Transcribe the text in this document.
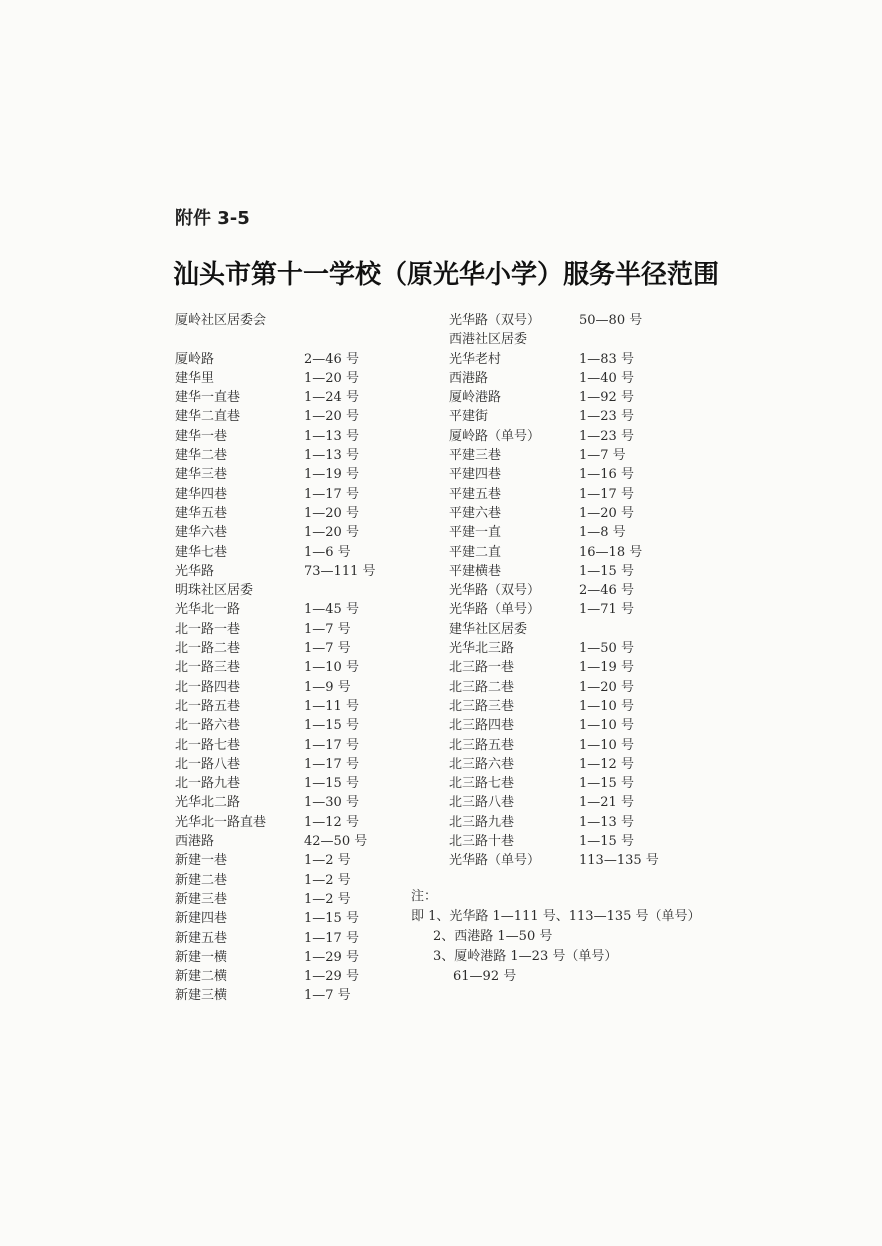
附件 3-5
汕头市第十一学校（原光华小学）服务半径范围
厦岭社区居委会
厦岭路	2—46 号
建华里	1—20 号
建华一直巷	1—24 号
建华二直巷	1—20 号
建华一巷	1—13 号
建华二巷	1—13 号
建华三巷	1—19 号
建华四巷	1—17 号
建华五巷	1—20 号
建华六巷	1—20 号
建华七巷	1—6 号
光华路	73—111 号
明珠社区居委
光华北一路	1—45 号
北一路一巷	1—7 号
北一路二巷	1—7 号
北一路三巷	1—10 号
北一路四巷	1—9 号
北一路五巷	1—11 号
北一路六巷	1—15 号
北一路七巷	1—17 号
北一路八巷	1—17 号
北一路九巷	1—15 号
光华北二路	1—30 号
光华北一路直巷	1—12 号
西港路	42—50 号
新建一巷	1—2 号
新建二巷	1—2 号
新建三巷	1—2 号
新建四巷	1—15 号
新建五巷	1—17 号
新建一横	1—29 号
新建二横	1—29 号
新建三横	1—7 号
光华路（双号）	50—80 号
西港社区居委
光华老村	1—83 号
西港路	1—40 号
厦岭港路	1—92 号
平建街	1—23 号
厦岭路（单号）	1—23 号
平建三巷	1—7 号
平建四巷	1—16 号
平建五巷	1—17 号
平建六巷	1—20 号
平建一直	1—8 号
平建二直	16—18 号
平建横巷	1—15 号
光华路（双号）	2—46 号
光华路（单号）	1—71 号
建华社区居委
光华北三路	1—50 号
北三路一巷	1—19 号
北三路二巷	1—20 号
北三路三巷	1—10 号
北三路四巷	1—10 号
北三路五巷	1—10 号
北三路六巷	1—12 号
北三路七巷	1—15 号
北三路八巷	1—21 号
北三路九巷	1—13 号
北三路十巷	1—15 号
光华路（单号）	113—135 号
注：
即 1、光华路 1—111 号、113—135 号（单号）
2、西港路 1—50 号
3、厦岭港路 1—23 号（单号）
61—92 号
